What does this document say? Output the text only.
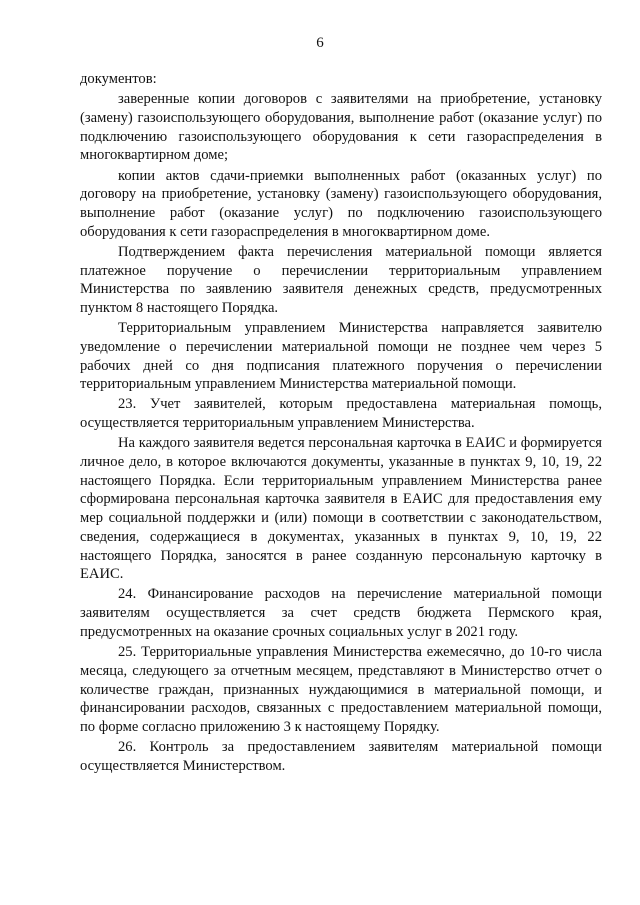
6

документов:

заверенные копии договоров с заявителями на приобретение, установку (замену) газоиспользующего оборудования, выполнение работ (оказание услуг) по подключению газоиспользующего оборудования к сети газораспределения в многоквартирном доме;

копии актов сдачи-приемки выполненных работ (оказанных услуг) по договору на приобретение, установку (замену) газоиспользующего оборудования, выполнение работ (оказание услуг) по подключению газоиспользующего оборудования к сети газораспределения в многоквартирном доме.

Подтверждением факта перечисления материальной помощи является платежное поручение о перечислении территориальным управлением Министерства по заявлению заявителя денежных средств, предусмотренных пунктом 8 настоящего Порядка.

Территориальным управлением Министерства направляется заявителю уведомление о перечислении материальной помощи не позднее чем через 5 рабочих дней со дня подписания платежного поручения о перечислении территориальным управлением Министерства материальной помощи.

23. Учет заявителей, которым предоставлена материальная помощь, осуществляется территориальным управлением Министерства.

На каждого заявителя ведется персональная карточка в ЕАИС и формируется личное дело, в которое включаются документы, указанные в пунктах 9, 10, 19, 22 настоящего Порядка. Если территориальным управлением Министерства ранее сформирована персональная карточка заявителя в ЕАИС для предоставления ему мер социальной поддержки и (или) помощи в соответствии с законодательством, сведения, содержащиеся в документах, указанных в пунктах 9, 10, 19, 22 настоящего Порядка, заносятся в ранее созданную персональную карточку в ЕАИС.

24. Финансирование расходов на перечисление материальной помощи заявителям осуществляется за счет средств бюджета Пермского края, предусмотренных на оказание срочных социальных услуг в 2021 году.

25. Территориальные управления Министерства ежемесячно, до 10-го числа месяца, следующего за отчетным месяцем, представляют в Министерство отчет о количестве граждан, признанных нуждающимися в материальной помощи, и финансировании расходов, связанных с предоставлением материальной помощи, по форме согласно приложению 3 к настоящему Порядку.

26. Контроль за предоставлением заявителям материальной помощи осуществляется Министерством.
